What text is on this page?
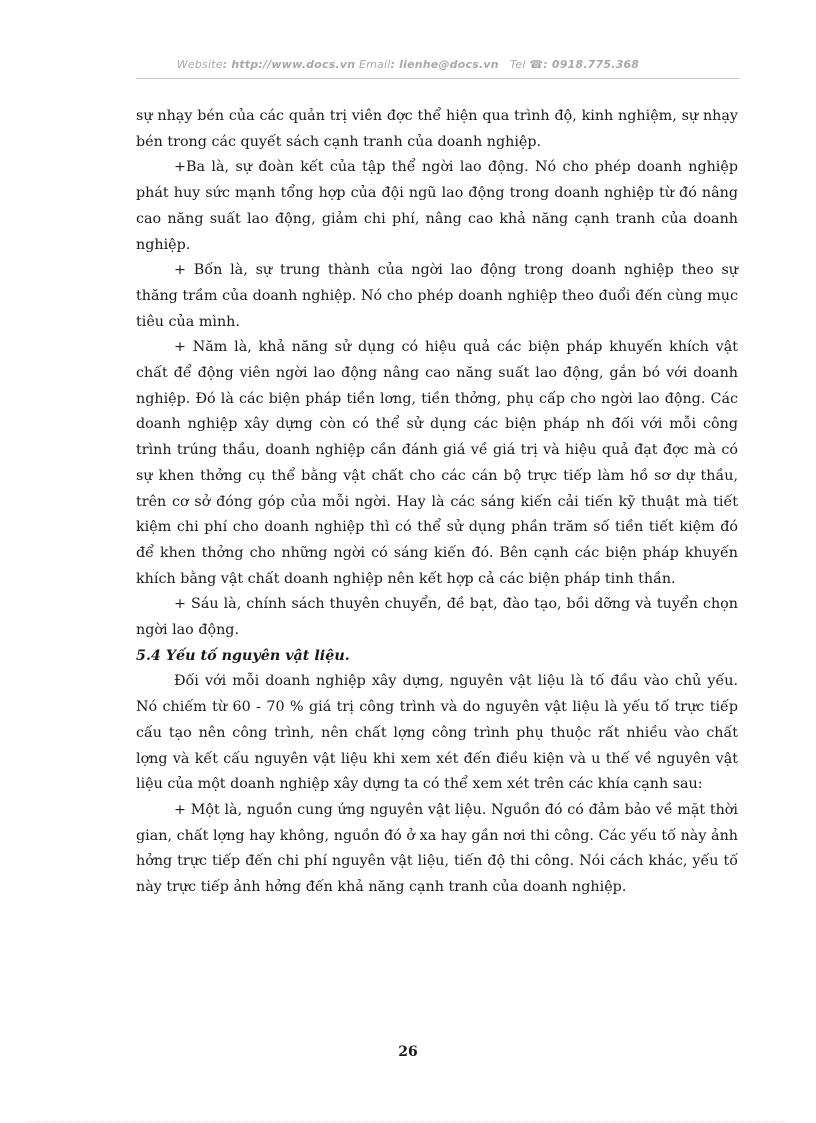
Website: http://www.docs.vn Email: lienhe@docs.vn Tel ☎: 0918.775.368

sự nhạy bén của các quản trị viên đợc thể hiện qua trình độ, kinh nghiệm, sự nhạy bén trong các quyết sách cạnh tranh của doanh nghiệp.

+Ba là, sự đoàn kết của tập thể ngời lao động. Nó cho phép doanh nghiệp phát huy sức mạnh tổng hợp của đội ngũ lao động trong doanh nghiệp từ đó nâng cao năng suất lao động, giảm chi phí, nâng cao khả năng cạnh tranh của doanh nghiệp.

+ Bốn là, sự trung thành của ngời lao động trong doanh nghiệp theo sự thăng trầm của doanh nghiệp. Nó cho phép doanh nghiệp theo đuổi đến cùng mục tiêu của mình.

+ Năm là, khả năng sử dụng có hiệu quả các biện pháp khuyến khích vật chất để động viên ngời lao động nâng cao năng suất lao động, gắn bó với doanh nghiệp. Đó là các biện pháp tiền lơng, tiền thởng, phụ cấp cho ngời lao động. Các doanh nghiệp xây dựng còn có thể sử dụng các biện pháp nh đối với mỗi công trình trúng thầu, doanh nghiệp cần đánh giá về giá trị và hiệu quả đạt đợc mà có sự khen thởng cụ thể bằng vật chất cho các cán bộ trực tiếp làm hồ sơ dự thầu, trên cơ sở đóng góp của mỗi ngời. Hay là các sáng kiến cải tiến kỹ thuật mà tiết kiệm chi phí cho doanh nghiệp thì có thể sử dụng phần trăm số tiền tiết kiệm đó để khen thởng cho những ngời có sáng kiến đó. Bên cạnh các biện pháp khuyến khích bằng vật chất doanh nghiệp nên kết hợp cả các biện pháp tinh thần.

+ Sáu là, chính sách thuyên chuyển, đề bạt, đào tạo, bồi dỡng và tuyển chọn ngời lao động.

5.4 Yếu tố nguyên vật liệu.

Đối với mỗi doanh nghiệp xây dựng, nguyên vật liệu là tố đầu vào chủ yếu. Nó chiếm từ 60 - 70 % giá trị công trình và do nguyên vật liệu là yếu tố trực tiếp cấu tạo nên công trình, nên chất lợng công trình phụ thuộc rất nhiều vào chất lợng và kết cấu nguyên vật liệu khi xem xét đến điều kiện và u thế về nguyên vật liệu của một doanh nghiệp xây dựng ta có thể xem xét trên các khía cạnh sau:

+ Một là, nguồn cung ứng nguyên vật liệu. Nguồn đó có đảm bảo về mặt thời gian, chất lợng hay không, nguồn đó ở xa hay gần nơi thi công. Các yếu tố này ảnh hởng trực tiếp đến chi phí nguyên vật liệu, tiến độ thi công. Nói cách khác, yếu tố này trực tiếp ảnh hởng đến khả năng cạnh tranh của doanh nghiệp.

26
